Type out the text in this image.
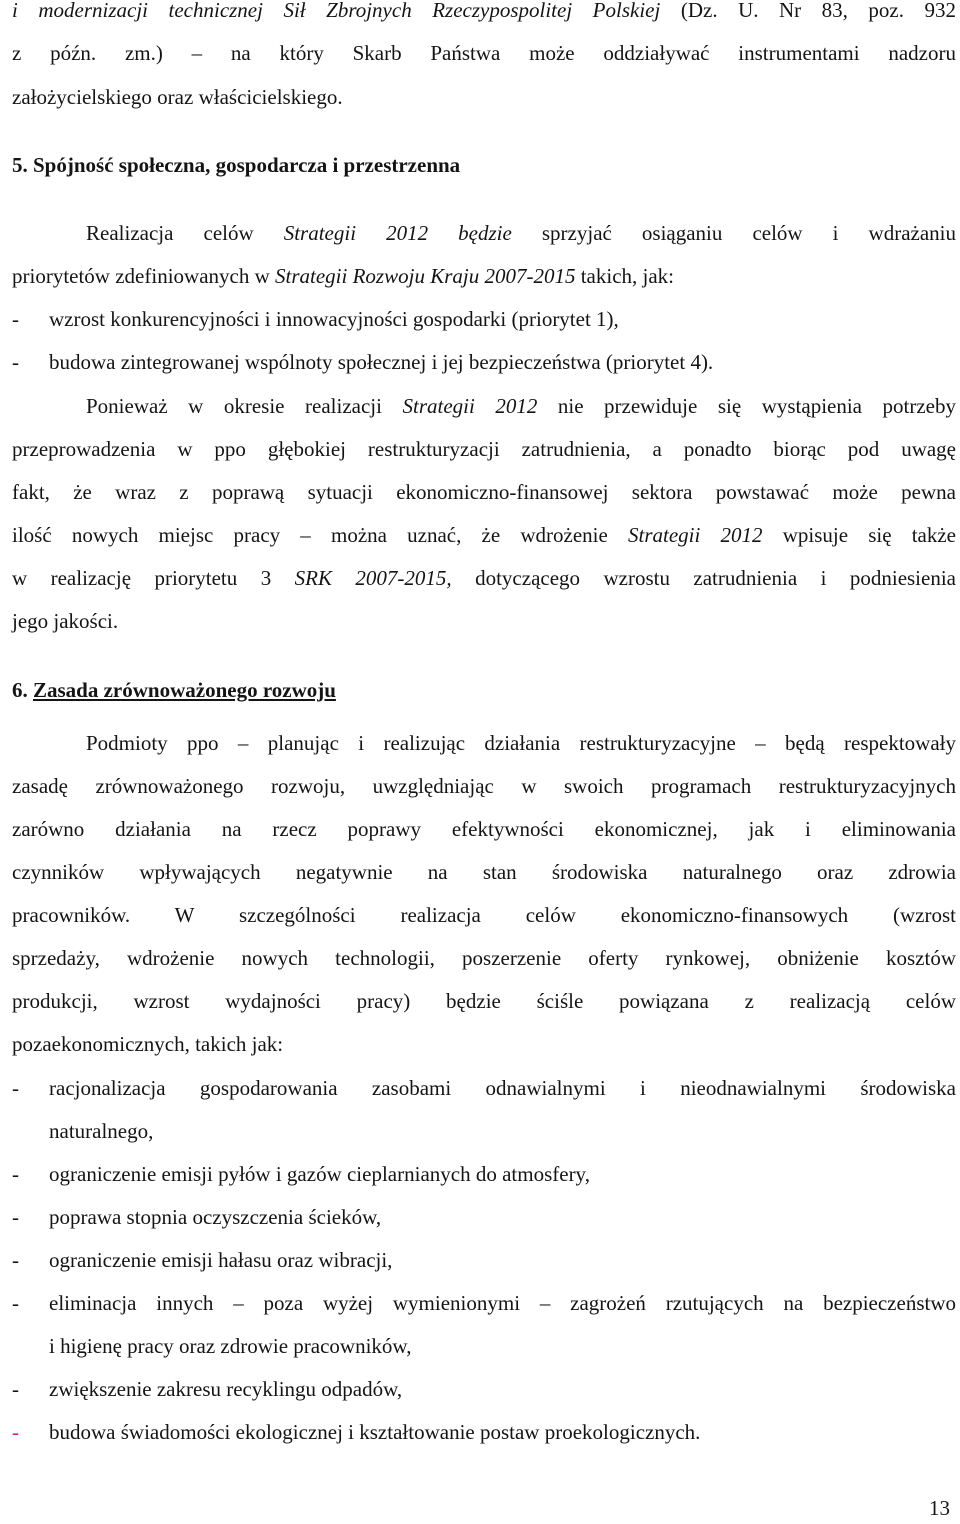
i modernizacji technicznej Sił Zbrojnych Rzeczypospolitej Polskiej (Dz. U. Nr 83, poz. 932
z późn. zm.) – na który Skarb Państwa może oddziaływać instrumentami nadzoru
założycielskiego oraz właścicielskiego.
5. Spójność społeczna, gospodarcza i przestrzenna
Realizacja celów Strategii 2012 będzie sprzyjać osiąganiu celów i wdrażaniu
priorytetów zdefiniowanych w Strategii Rozwoju Kraju 2007-2015 takich, jak:
-	wzrost konkurencyjności i innowacyjności gospodarki (priorytet 1),
-	budowa zintegrowanej wspólnoty społecznej i jej bezpieczeństwa (priorytet 4).
Ponieważ w okresie realizacji Strategii 2012 nie przewiduje się wystąpienia potrzeby
przeprowadzenia w ppo głębokiej restrukturyzacji zatrudnienia, a ponadto biorąc pod uwagę
fakt, że wraz z poprawą sytuacji ekonomiczno-finansowej sektora powstawać może pewna
ilość nowych miejsc pracy – można uznać, że wdrożenie Strategii 2012 wpisuje się także
w realizację priorytetu 3 SRK 2007-2015, dotyczącego wzrostu zatrudnienia i podniesienia
jego jakości.
6. Zasada zrównoważonego rozwoju
Podmioty ppo – planując i realizując działania restrukturyzacyjne – będą respektowały
zasadę zrównoważonego rozwoju, uwzględniając w swoich programach restrukturyzacyjnych
zarówno działania na rzecz poprawy efektywności ekonomicznej, jak i eliminowania
czynników wpływających negatywnie na stan środowiska naturalnego oraz zdrowia
pracowników. W szczególności realizacja celów ekonomiczno-finansowych (wzrost
sprzedaży, wdrożenie nowych technologii, poszerzenie oferty rynkowej, obniżenie kosztów
produkcji, wzrost wydajności pracy) będzie ściśle powiązana z realizacją celów
pozaekonomicznych, takich jak:
-	racjonalizacja gospodarowania zasobami odnawialnymi i nieodnawialnymi środowiska
naturalnego,
-	ograniczenie emisji pyłów i gazów cieplarnianych do atmosfery,
-	poprawa stopnia oczyszczenia ścieków,
-	ograniczenie emisji hałasu oraz wibracji,
-	eliminacja innych – poza wyżej wymienionymi – zagrożeń rzutujących na bezpieczeństwo
i higienę pracy oraz zdrowie pracowników,
-	zwiększenie zakresu recyklingu odpadów,
-	budowa świadomości ekologicznej i kształtowanie postaw proekologicznych.
13
